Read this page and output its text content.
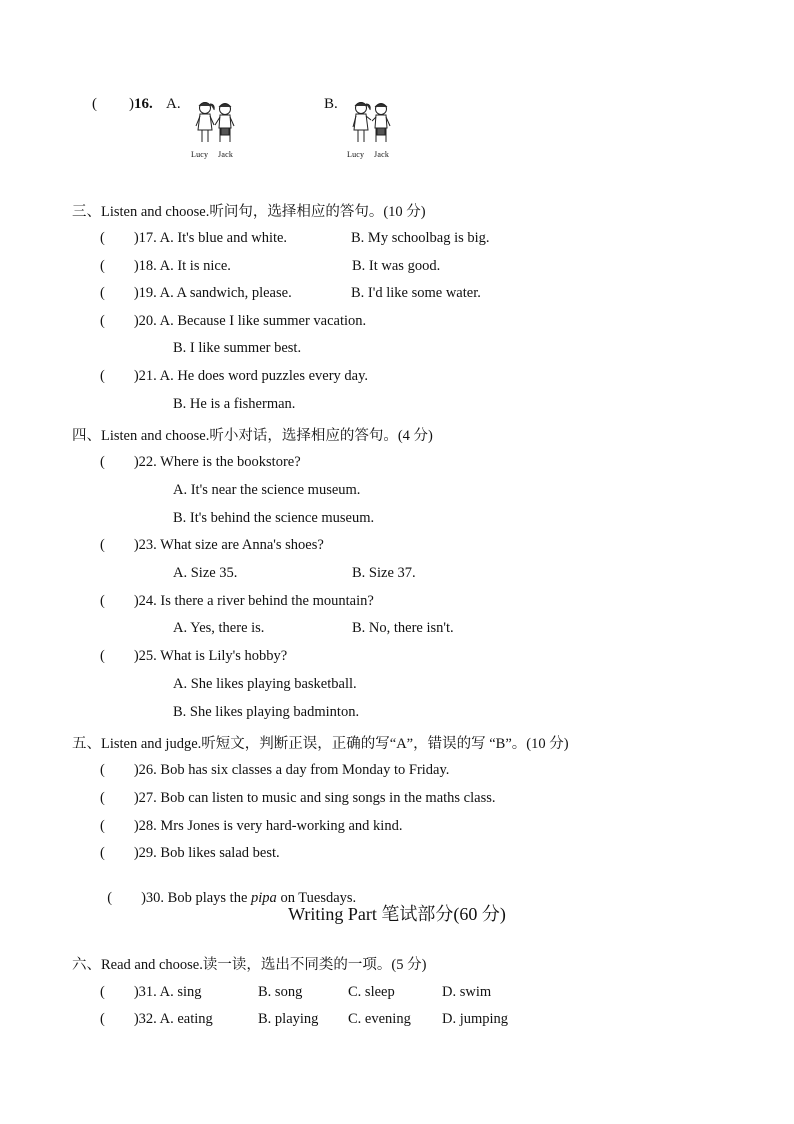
( )16. A.	B.
Lucy Jack	Lucy Jack
三、Listen and choose.听问句，选择相应的答句。(10 分)
(        )17. A. It's blue and white.	B. My schoolbag is big.
(        )18. A. It is nice.	B. It was good.
(        )19. A. A sandwich, please.	B. I'd like some water.
(        )20. A. Because I like summer vacation.
B. I like summer best.
(        )21. A. He does word puzzles every day.
B. He is a fisherman.
四、Listen and choose.听小对话，选择相应的答句。(4 分)
(        )22. Where is the bookstore?
A. It's near the science museum.
B. It's behind the science museum.
(        )23. What size are Anna's shoes?
A. Size 35.	B. Size 37.
(        )24. Is there a river behind the mountain?
A. Yes, there is.	B. No, there isn't.
(        )25. What is Lily's hobby?
A. She likes playing basketball.
B. She likes playing badminton.
五、Listen and judge.听短文，判断正误，正确的写“A”，错误的写 “B”。(10 分)
(        )26. Bob has six classes a day from Monday to Friday.
(        )27. Bob can listen to music and sing songs in the maths class.
(        )28. Mrs Jones is very hard-working and kind.
(        )29. Bob likes salad best.

(        )30. Bob plays the pipa on Tuesdays.

Writing Part 笔试部分(60 分)
六、Read and choose.读一读，选出不同类的一项。(5 分)
(        )31. A. sing	B. song	C. sleep	D. swim
(        )32. A. eating	B. playing C. evening D. jumping
